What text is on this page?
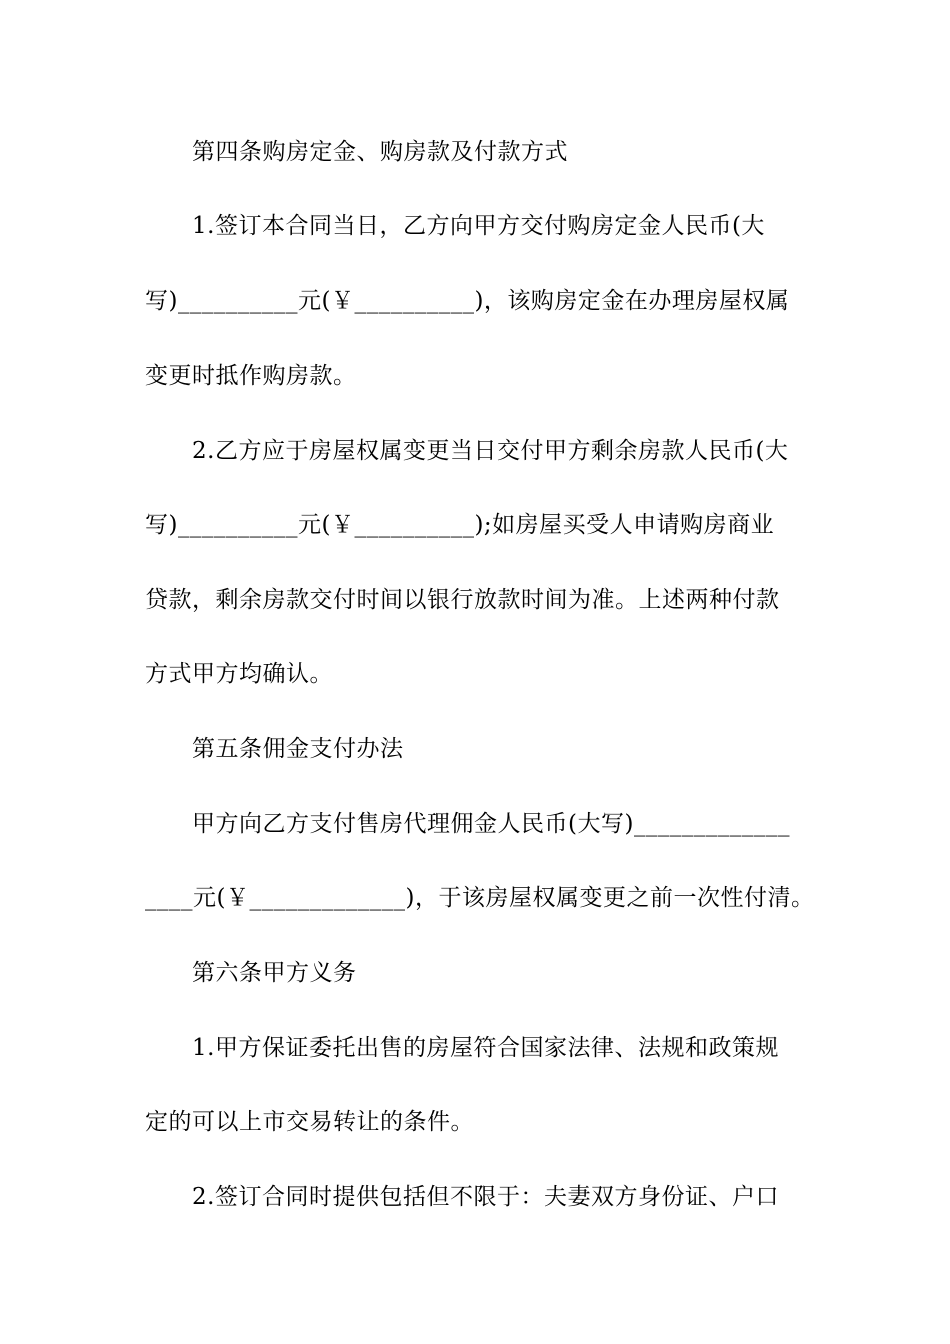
第四条购房定金、购房款及付款方式
1.签订本合同当日，乙方向甲方交付购房定金人民币(大
写)__________元(￥__________)，该购房定金在办理房屋权属
变更时抵作购房款。
2.乙方应于房屋权属变更当日交付甲方剩余房款人民币(大
写)__________元(￥__________);如房屋买受人申请购房商业
贷款，剩余房款交付时间以银行放款时间为准。上述两种付款
方式甲方均确认。
第五条佣金支付办法
甲方向乙方支付售房代理佣金人民币(大写)_____________
____元(￥_____________)，于该房屋权属变更之前一次性付清。
第六条甲方义务
1.甲方保证委托出售的房屋符合国家法律、法规和政策规
定的可以上市交易转让的条件。
2.签订合同时提供包括但不限于：夫妻双方身份证、户口
